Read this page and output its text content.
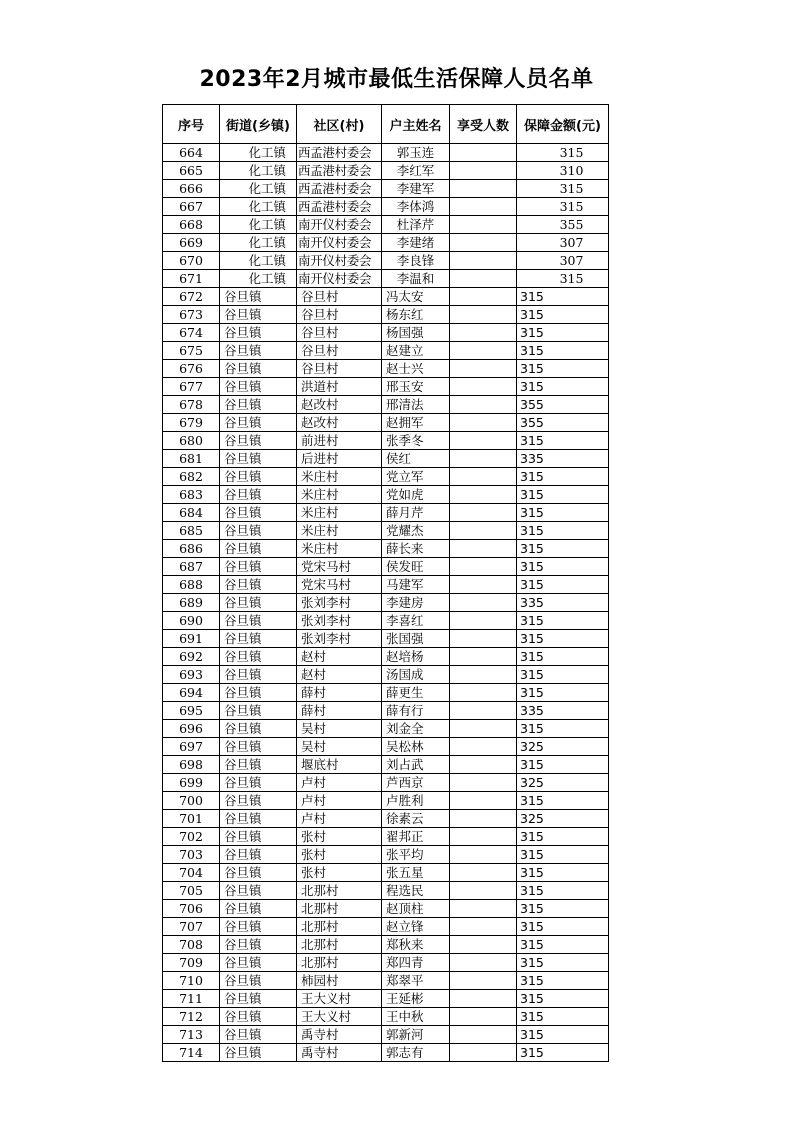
2023年2月城市最低生活保障人员名单
序号	街道(乡镇)	社区(村)	户主姓名	享受人数	保障金额(元)
664	化工镇	西孟港村委会	郭玉连		315
665	化工镇	西孟港村委会	李红军		310
666	化工镇	西孟港村委会	李建军		315
667	化工镇	西孟港村委会	李体鸿		315
668	化工镇	南开仪村委会	杜泽芹		355
669	化工镇	南开仪村委会	李建绪		307
670	化工镇	南开仪村委会	李良锋		307
671	化工镇	南开仪村委会	李温和		315
672	谷旦镇	谷旦村	冯太安		315
673	谷旦镇	谷旦村	杨东红		315
674	谷旦镇	谷旦村	杨国强		315
675	谷旦镇	谷旦村	赵建立		315
676	谷旦镇	谷旦村	赵士兴		315
677	谷旦镇	洪道村	邢玉安		315
678	谷旦镇	赵改村	邢清法		355
679	谷旦镇	赵改村	赵拥军		355
680	谷旦镇	前进村	张季冬		315
681	谷旦镇	后进村	侯红		335
682	谷旦镇	米庄村	党立军		315
683	谷旦镇	米庄村	党如虎		315
684	谷旦镇	米庄村	薛月芹		315
685	谷旦镇	米庄村	党耀杰		315
686	谷旦镇	米庄村	薛长来		315
687	谷旦镇	党宋马村	侯发旺		315
688	谷旦镇	党宋马村	马建军		315
689	谷旦镇	张刘李村	李建房		335
690	谷旦镇	张刘李村	李喜红		315
691	谷旦镇	张刘李村	张国强		315
692	谷旦镇	赵村	赵培杨		315
693	谷旦镇	赵村	汤国成		315
694	谷旦镇	薛村	薛更生		315
695	谷旦镇	薛村	薛有行		335
696	谷旦镇	吴村	刘金全		315
697	谷旦镇	吴村	吴松林		325
698	谷旦镇	堰底村	刘占武		315
699	谷旦镇	卢村	芦西京		325
700	谷旦镇	卢村	卢胜利		315
701	谷旦镇	卢村	徐素云		325
702	谷旦镇	张村	翟邦正		315
703	谷旦镇	张村	张平均		315
704	谷旦镇	张村	张五星		315
705	谷旦镇	北那村	程选民		315
706	谷旦镇	北那村	赵顶柱		315
707	谷旦镇	北那村	赵立锋		315
708	谷旦镇	北那村	郑秋来		315
709	谷旦镇	北那村	郑四青		315
710	谷旦镇	柿园村	郑翠平		315
711	谷旦镇	王大义村	王延彬		315
712	谷旦镇	王大义村	王中秋		315
713	谷旦镇	禹寺村	郭新河		315
714	谷旦镇	禹寺村	郭志有		315
